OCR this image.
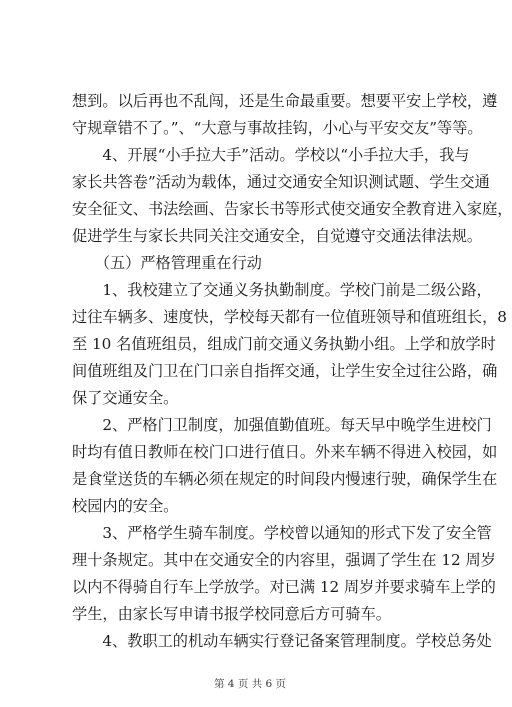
想到。以后再也不乱闯，还是生命最重要。想要平安上学校，遵
守规章错不了。”、“大意与事故挂钩，小心与平安交友”等等。
　　4、开展“小手拉大手”活动。学校以“小手拉大手，我与
家长共答卷”活动为载体，通过交通安全知识测试题、学生交通
安全征文、书法绘画、告家长书等形式使交通安全教育进入家庭，
促进学生与家长共同关注交通安全，自觉遵守交通法律法规。
　　（五）严格管理重在行动
　　1、我校建立了交通义务执勤制度。学校门前是二级公路，
过往车辆多、速度快，学校每天都有一位值班领导和值班组长，8
至 10 名值班组员，组成门前交通义务执勤小组。上学和放学时
间值班组及门卫在门口亲自指挥交通，让学生安全过往公路，确
保了交通安全。
　　2、严格门卫制度，加强值勤值班。每天早中晚学生进校门
时均有值日教师在校门口进行值日。外来车辆不得进入校园，如
是食堂送货的车辆必须在规定的时间段内慢速行驶，确保学生在
校园内的安全。
　　3、严格学生骑车制度。学校曾以通知的形式下发了安全管
理十条规定。其中在交通安全的内容里，强调了学生在 12 周岁
以内不得骑自行车上学放学。对已满 12 周岁并要求骑车上学的
学生，由家长写申请书报学校同意后方可骑车。
　　4、教职工的机动车辆实行登记备案管理制度。学校总务处
第 4 页 共 6 页
